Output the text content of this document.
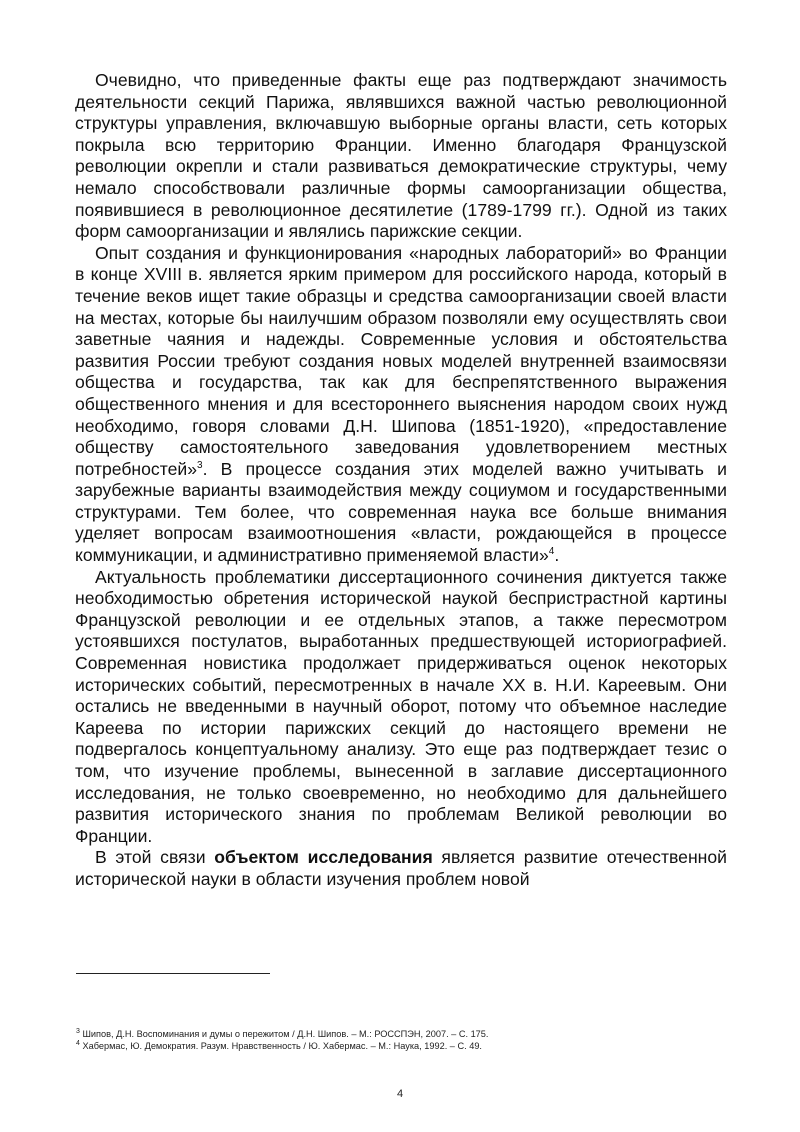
Очевидно, что приведенные факты еще раз подтверждают значимость деятельности секций Парижа, являвшихся важной частью революционной структуры управления, включавшую выборные органы власти, сеть которых покрыла всю территорию Франции. Именно благодаря Французской революции окрепли и стали развиваться демократические структуры, чему немало способствовали различные формы самоорганизации общества, появившиеся в революционное десятилетие (1789-1799 гг.). Одной из таких форм самоорганизации и являлись парижские секции.

Опыт создания и функционирования «народных лабораторий» во Франции в конце XVIII в. является ярким примером для российского народа, который в течение веков ищет такие образцы и средства самоорганизации своей власти на местах, которые бы наилучшим образом позволяли ему осуществлять свои заветные чаяния и надежды. Современные условия и обстоятельства развития России требуют создания новых моделей внутренней взаимосвязи общества и государства, так как для беспрепятственного выражения общественного мнения и для всестороннего выяснения народом своих нужд необходимо, говоря словами Д.Н. Шипова (1851-1920), «предоставление обществу самостоятельного заведования удовлетворением местных потребностей»$^3$. В процессе создания этих моделей важно учитывать и зарубежные варианты взаимодействия между социумом и государственными структурами. Тем более, что современная наука все больше внимания уделяет вопросам взаимоотношения «власти, рождающейся в процессе коммуникации, и административно применяемой власти»$^4$.

Актуальность проблематики диссертационного сочинения диктуется также необходимостью обретения исторической наукой беспристрастной картины Французской революции и ее отдельных этапов, а также пересмотром устоявшихся постулатов, выработанных предшествующей историографией. Современная новистика продолжает придерживаться оценок некоторых исторических событий, пересмотренных в начале XX в. Н.И. Кареевым. Они остались не введенными в научный оборот, потому что объемное наследие Кареева по истории парижских секций до настоящего времени не подвергалось концептуальному анализу. Это еще раз подтверждает тезис о том, что изучение проблемы, вынесенной в заглавие диссертационного исследования, не только своевременно, но необходимо для дальнейшего развития исторического знания по проблемам Великой революции во Франции.

В этой связи объектом исследования является развитие отечественной исторической науки в области изучения проблем новой

$^3$ Шипов, Д.Н. Воспоминания и думы о пережитом / Д.Н. Шипов. – М.: РОССПЭН, 2007. – С. 175.
$^4$ Хабермас, Ю. Демократия. Разум. Нравственность / Ю. Хабермас. – М.: Наука, 1992. – С. 49.
4
